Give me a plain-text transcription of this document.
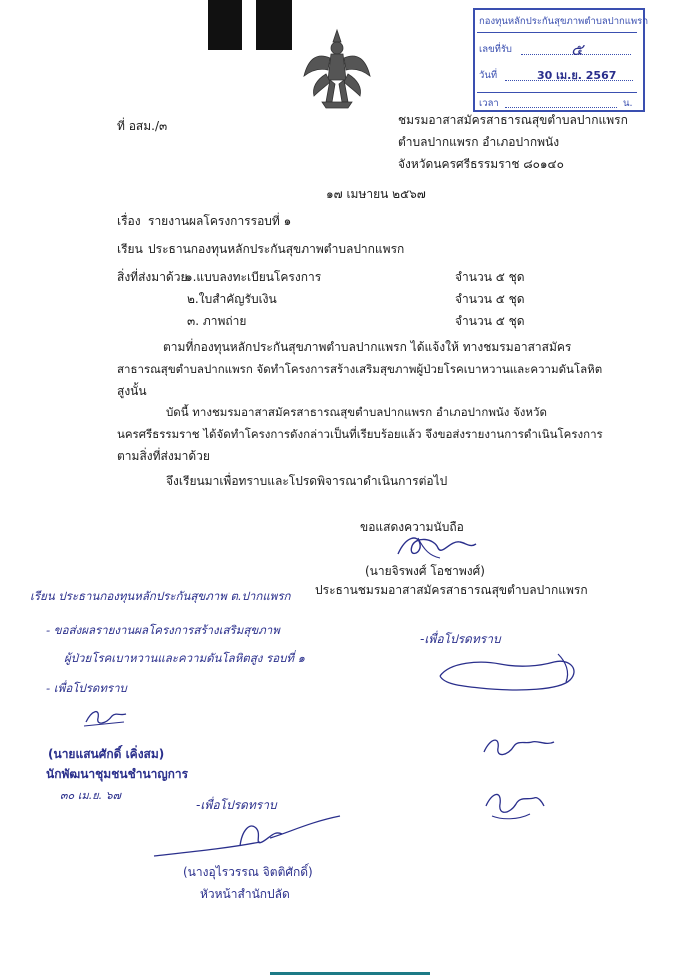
กองทุนหลักประกันสุขภาพตำบลปากแพรก
เลขที่รับ	๕
วันที่	30 เม.ย. 2567
เวลา	น.
ที่ อสม./๓	ชมรมอาสาสมัครสาธารณสุขตำบลปากแพรก
ตำบลปากแพรก อำเภอปากพนัง
จังหวัดนครศรีธรรมราช ๘๐๑๔๐
๑๗ เมษายน ๒๕๖๗
เรื่อง รายงานผลโครงการรอบที่ ๑
เรียน ประธานกองทุนหลักประกันสุขภาพตำบลปากแพรก
สิ่งที่ส่งมาด้วย
๑.แบบลงทะเบียนโครงการ	จำนวน ๕ ชุด
๒.ใบสำคัญรับเงิน	จำนวน ๕ ชุด
๓. ภาพถ่าย	จำนวน ๕ ชุด
ตามที่กองทุนหลักประกันสุขภาพตำบลปากแพรก ได้แจ้งให้ ทางชมรมอาสาสมัคร
สาธารณสุขตำบลปากแพรก จัดทำโครงการสร้างเสริมสุขภาพผู้ป่วยโรคเบาหวานและความดันโลหิต
สูงนั้น
บัดนี้ ทางชมรมอาสาสมัครสาธารณสุขตำบลปากแพรก อำเภอปากพนัง จังหวัด
นครศรีธรรมราช ได้จัดทำโครงการดังกล่าวเป็นที่เรียบร้อยแล้ว จึงขอส่งรายงานการดำเนินโครงการ
ตามสิ่งที่ส่งมาด้วย
จึงเรียนมาเพื่อทราบและโปรดพิจารณาดำเนินการต่อไป
ขอแสดงความนับถือ
(นายจิรพงศ์ โอชาพงศ์)
ประธานชมรมอาสาสมัครสาธารณสุขตำบลปากแพรก
เรียน ประธานกองทุนหลักประกันสุขภาพ ต.ปากแพรก
- ขอส่งผลรายงานผลโครงการสร้างเสริมสุขภาพ
ผู้ป่วยโรคเบาหวานและความดันโลหิตสูง รอบที่ ๑
- เพื่อโปรดทราบ
(นายแสนศักดิ์ เคิ่งสม)
นักพัฒนาชุมชนชำนาญการ
๓๐ เม.ย. ๖๗
-เพื่อโปรดทราบ
-เพื่อโปรดทราบ
(นางอุไรวรรณ จิตติศักดิ์)
หัวหน้าสำนักปลัด
